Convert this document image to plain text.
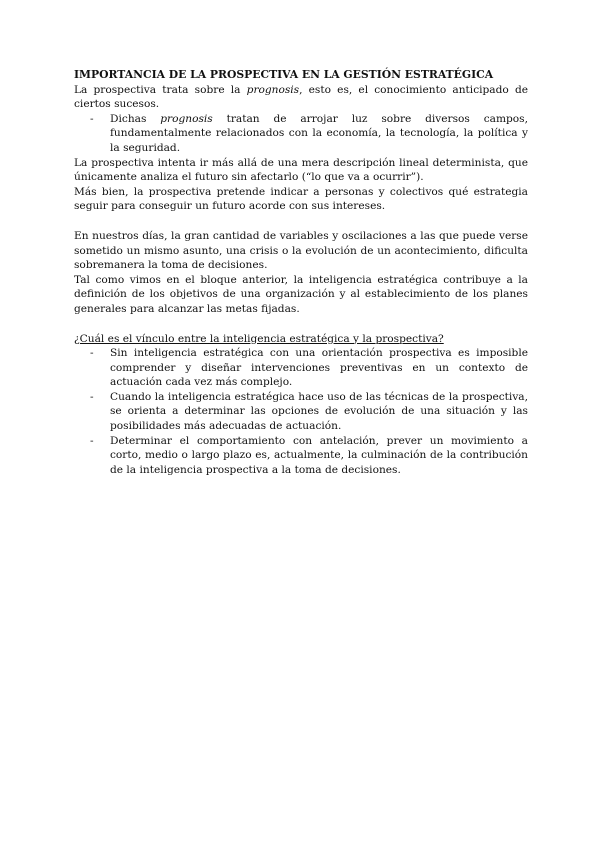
IMPORTANCIA DE LA PROSPECTIVA EN LA GESTIÓN ESTRATÉGICA

La prospectiva trata sobre la prognosis, esto es, el conocimiento anticipado de ciertos sucesos.

- Dichas prognosis tratan de arrojar luz sobre diversos campos, fundamentalmente relacionados con la economía, la tecnología, la política y la seguridad.

La prospectiva intenta ir más allá de una mera descripción lineal determinista, que únicamente analiza el futuro sin afectarlo (“lo que va a ocurrir”).

Más bien, la prospectiva pretende indicar a personas y colectivos qué estrategia seguir para conseguir un futuro acorde con sus intereses.

En nuestros días, la gran cantidad de variables y oscilaciones a las que puede verse sometido un mismo asunto, una crisis o la evolución de un acontecimiento, dificulta sobremanera la toma de decisiones.

Tal como vimos en el bloque anterior, la inteligencia estratégica contribuye a la definición de los objetivos de una organización y al establecimiento de los planes generales para alcanzar las metas fijadas.

¿Cuál es el vínculo entre la inteligencia estratégica y la prospectiva?

- Sin inteligencia estratégica con una orientación prospectiva es imposible comprender y diseñar intervenciones preventivas en un contexto de actuación cada vez más complejo.
- Cuando la inteligencia estratégica hace uso de las técnicas de la prospectiva, se orienta a determinar las opciones de evolución de una situación y las posibilidades más adecuadas de actuación.
- Determinar el comportamiento con antelación, prever un movimiento a corto, medio o largo plazo es, actualmente, la culminación de la contribución de la inteligencia prospectiva a la toma de decisiones.
